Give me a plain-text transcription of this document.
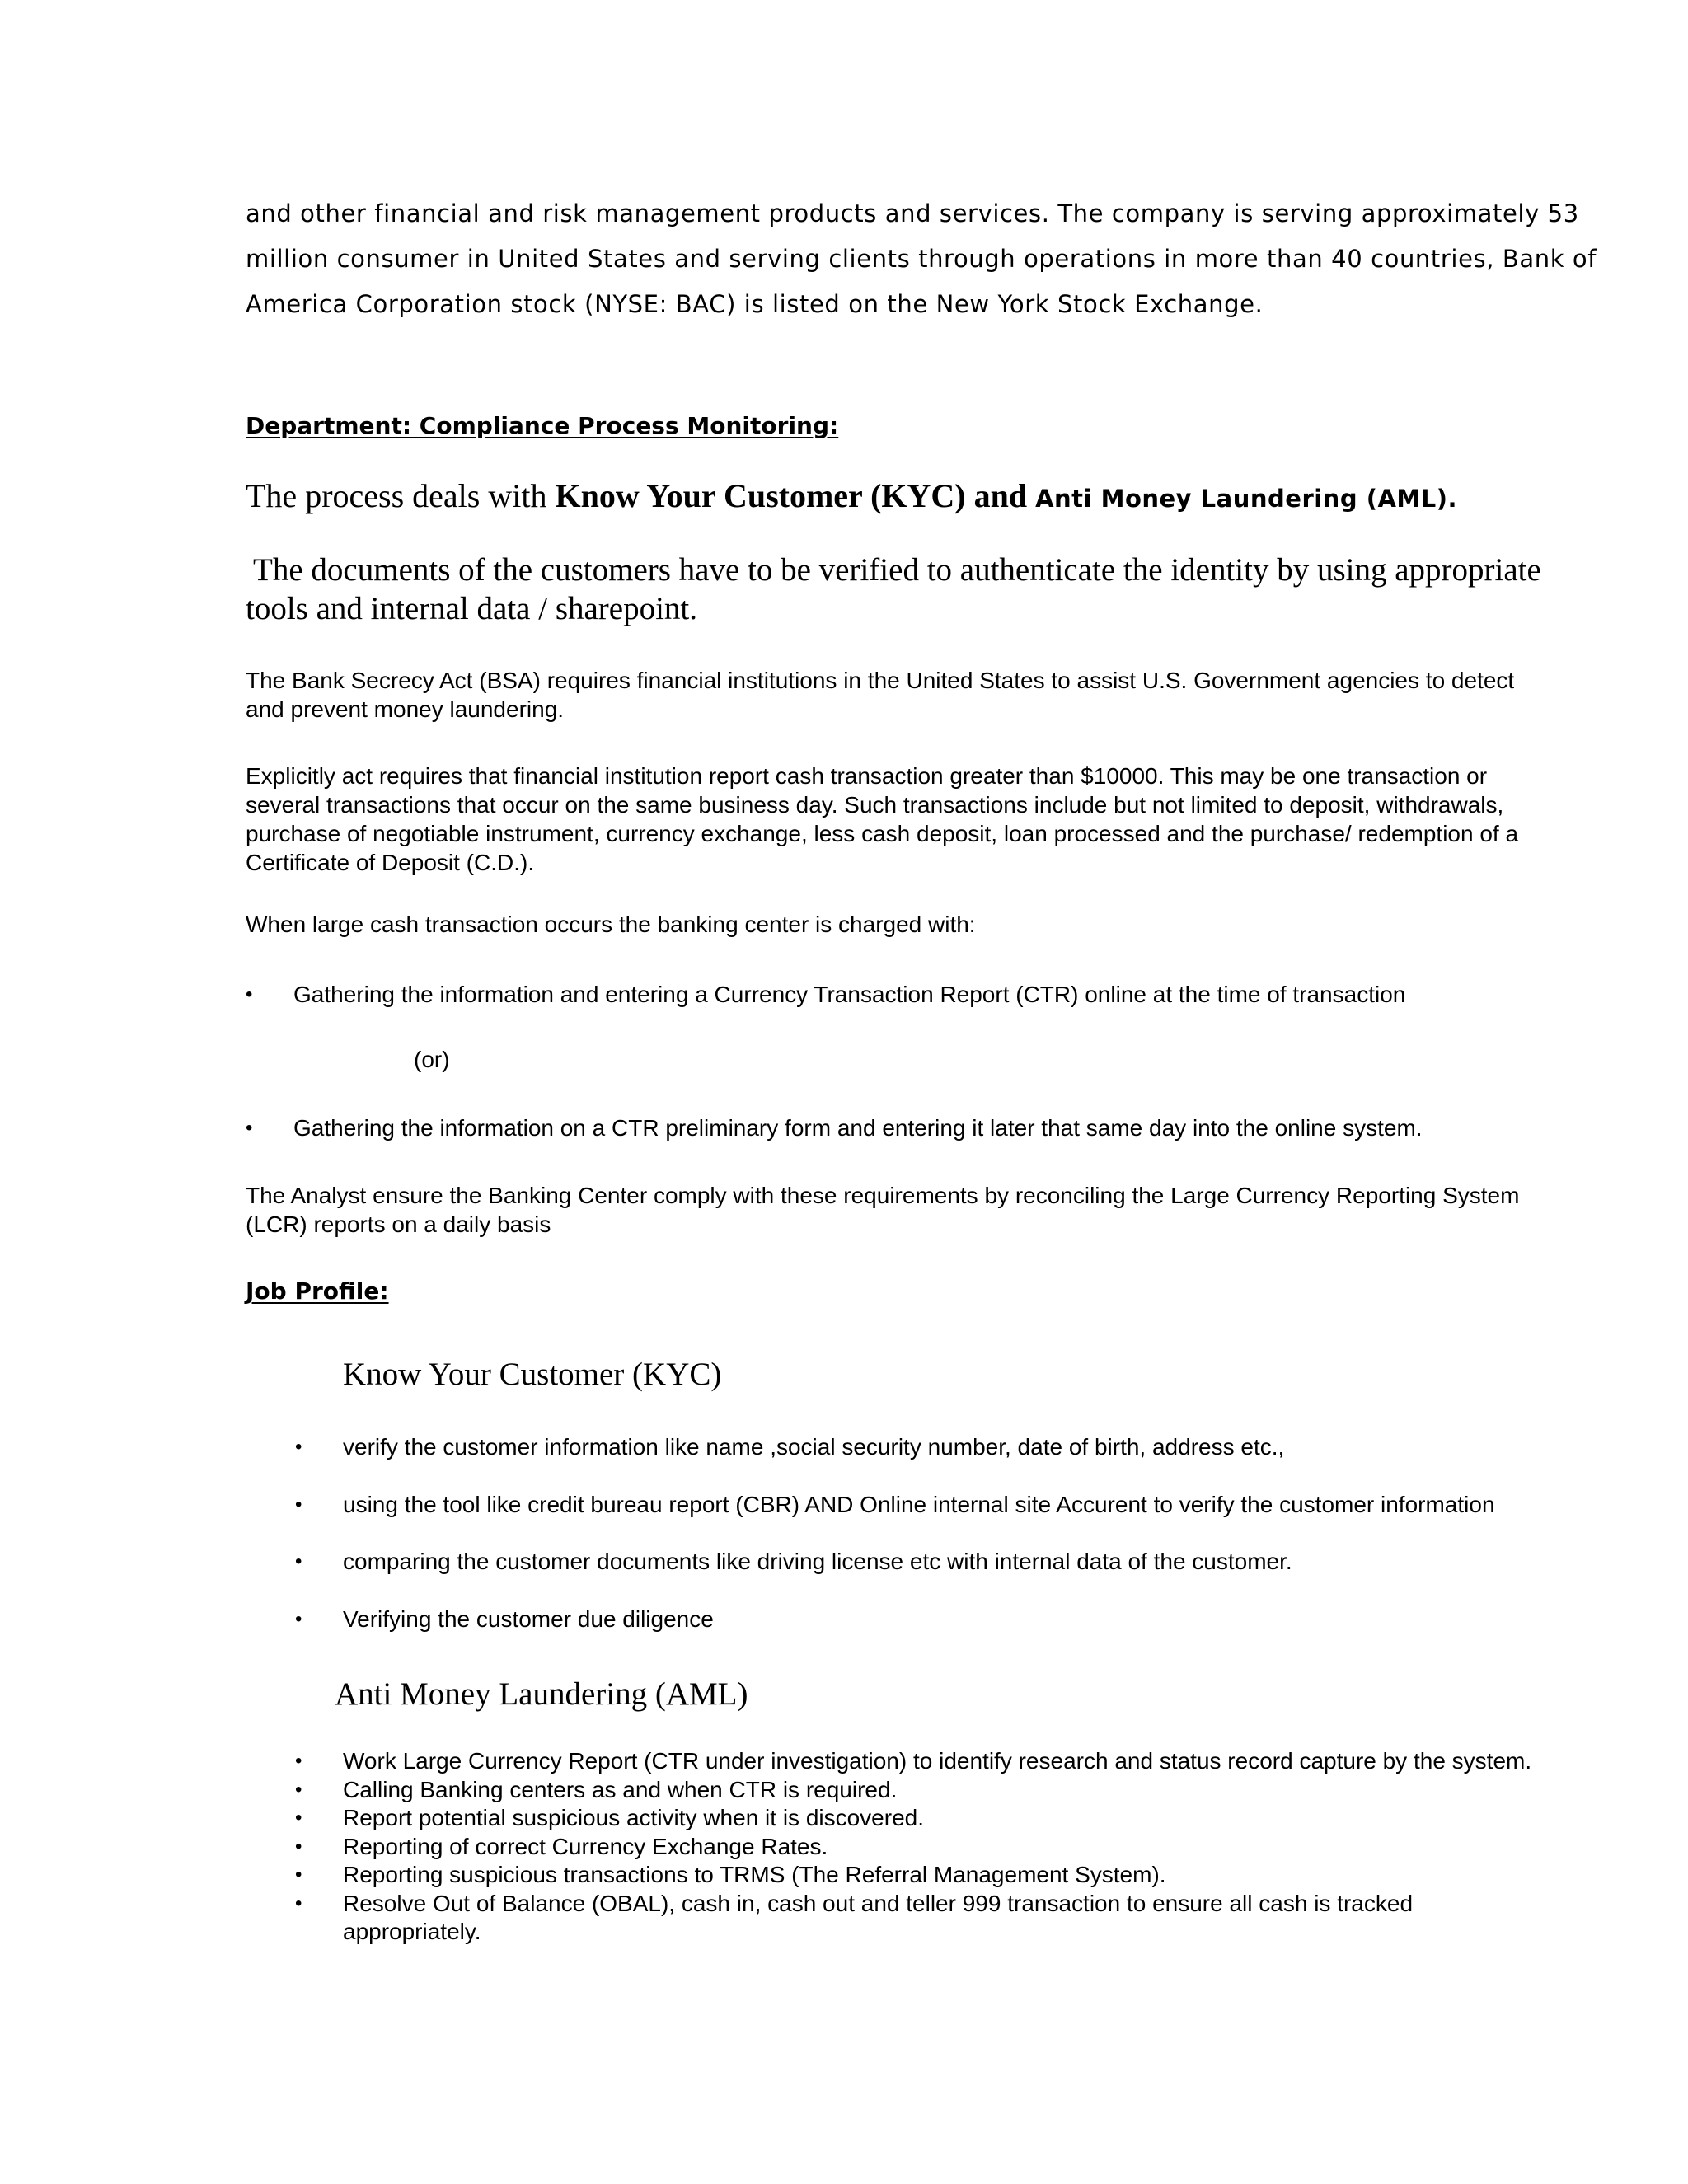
and other financial and risk management products and services. The company is serving approximately 53
million consumer in United States and serving clients through operations in more than 40 countries, Bank of
America Corporation stock (NYSE: BAC) is listed on the New York Stock Exchange.
Department: Compliance Process Monitoring:
The process deals with Know Your Customer (KYC) and Anti Money Laundering (AML).
The documents of the customers have to be verified to authenticate the identity by using appropriate
tools and internal data / sharepoint.
The Bank Secrecy Act (BSA) requires financial institutions in the United States to assist U.S. Government agencies to detect
and prevent money laundering.
Explicitly act requires that financial institution report cash transaction greater than $10000. This may be one transaction or
several transactions that occur on the same business day. Such transactions include but not limited to deposit, withdrawals,
purchase of negotiable instrument, currency exchange, less cash deposit, loan processed and the purchase/ redemption of a
Certificate of Deposit (C.D.).
When large cash transaction occurs the banking center is charged with:
• Gathering the information and entering a Currency Transaction Report (CTR) online at the time of transaction
(or)
• Gathering the information on a CTR preliminary form and entering it later that same day into the online system.
The Analyst ensure the Banking Center comply with these requirements by reconciling the Large Currency Reporting System
(LCR) reports on a daily basis
Job Profile:
Know Your Customer (KYC)
• verify the customer information like name ,social security number, date of birth, address etc.,
• using the tool like credit bureau report (CBR) AND Online internal site Accurent to verify the customer information
• comparing the customer documents like driving license etc with internal data of the customer.
• Verifying the customer due diligence
Anti Money Laundering (AML)
• Work Large Currency Report (CTR under investigation) to identify research and status record capture by the system.
• Calling Banking centers as and when CTR is required.
• Report potential suspicious activity when it is discovered.
• Reporting of correct Currency Exchange Rates.
• Reporting suspicious transactions to TRMS (The Referral Management System).
• Resolve Out of Balance (OBAL), cash in, cash out and teller 999 transaction to ensure all cash is tracked
appropriately.
